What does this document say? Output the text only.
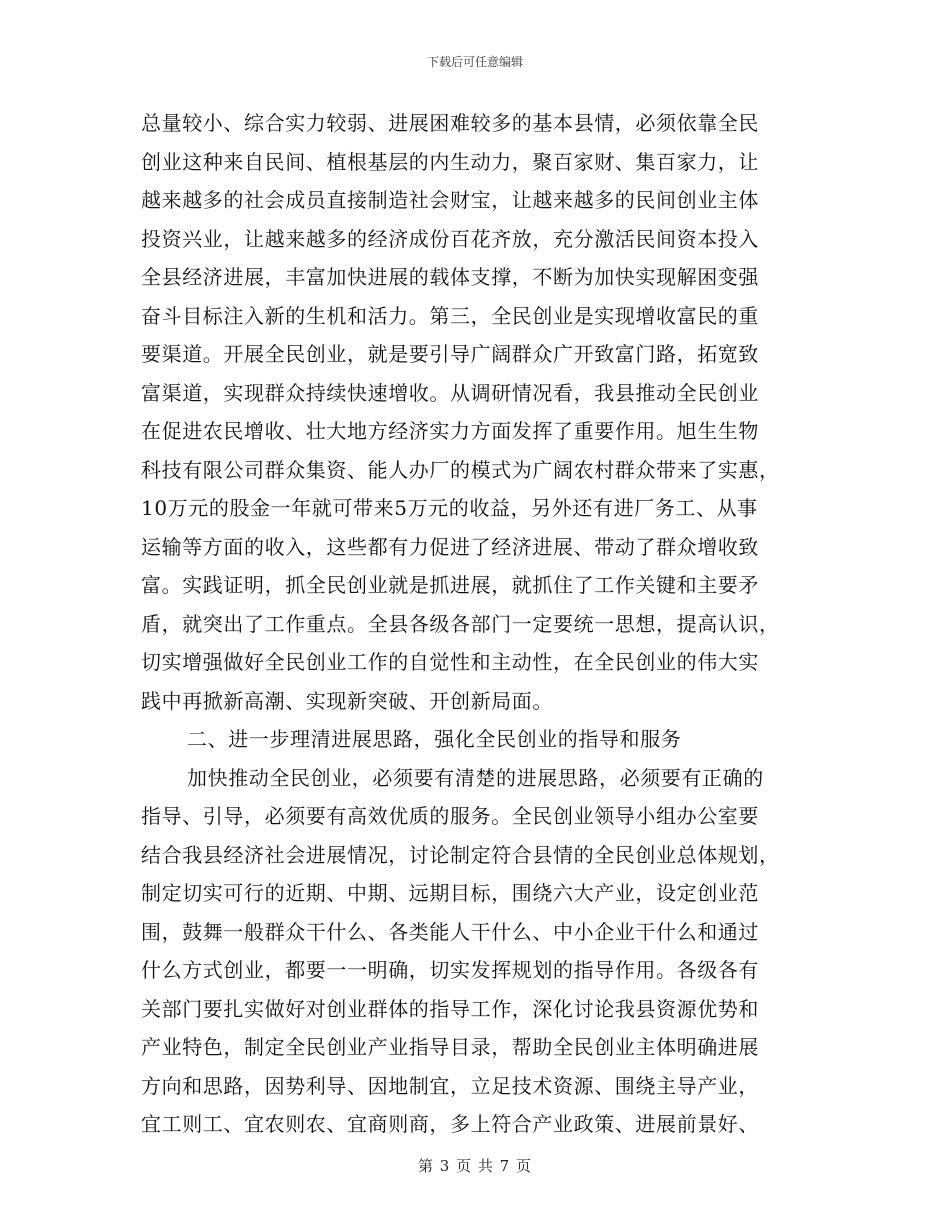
下载后可任意编辑
总量较小、综合实力较弱、进展困难较多的基本县情，必须依靠全民
创业这种来自民间、植根基层的内生动力，聚百家财、集百家力，让
越来越多的社会成员直接制造社会财宝，让越来越多的民间创业主体
投资兴业，让越来越多的经济成份百花齐放，充分激活民间资本投入
全县经济进展，丰富加快进展的载体支撑，不断为加快实现解困变强
奋斗目标注入新的生机和活力。第三，全民创业是实现增收富民的重
要渠道。开展全民创业，就是要引导广阔群众广开致富门路，拓宽致
富渠道，实现群众持续快速增收。从调研情况看，我县推动全民创业
在促进农民增收、壮大地方经济实力方面发挥了重要作用。旭生生物
科技有限公司群众集资、能人办厂的模式为广阔农村群众带来了实惠，
10万元的股金一年就可带来5万元的收益，另外还有进厂务工、从事
运输等方面的收入，这些都有力促进了经济进展、带动了群众增收致
富。实践证明，抓全民创业就是抓进展，就抓住了工作关键和主要矛
盾，就突出了工作重点。全县各级各部门一定要统一思想，提高认识，
切实增强做好全民创业工作的自觉性和主动性，在全民创业的伟大实
践中再掀新高潮、实现新突破、开创新局面。
二、进一步理清进展思路，强化全民创业的指导和服务
加快推动全民创业，必须要有清楚的进展思路，必须要有正确的
指导、引导，必须要有高效优质的服务。全民创业领导小组办公室要
结合我县经济社会进展情况，讨论制定符合县情的全民创业总体规划，
制定切实可行的近期、中期、远期目标，围绕六大产业，设定创业范
围，鼓舞一般群众干什么、各类能人干什么、中小企业干什么和通过
什么方式创业，都要一一明确，切实发挥规划的指导作用。各级各有
关部门要扎实做好对创业群体的指导工作，深化讨论我县资源优势和
产业特色，制定全民创业产业指导目录，帮助全民创业主体明确进展
方向和思路，因势利导、因地制宜，立足技术资源、围绕主导产业，
宜工则工、宜农则农、宜商则商，多上符合产业政策、进展前景好、
第 3 页 共 7 页
